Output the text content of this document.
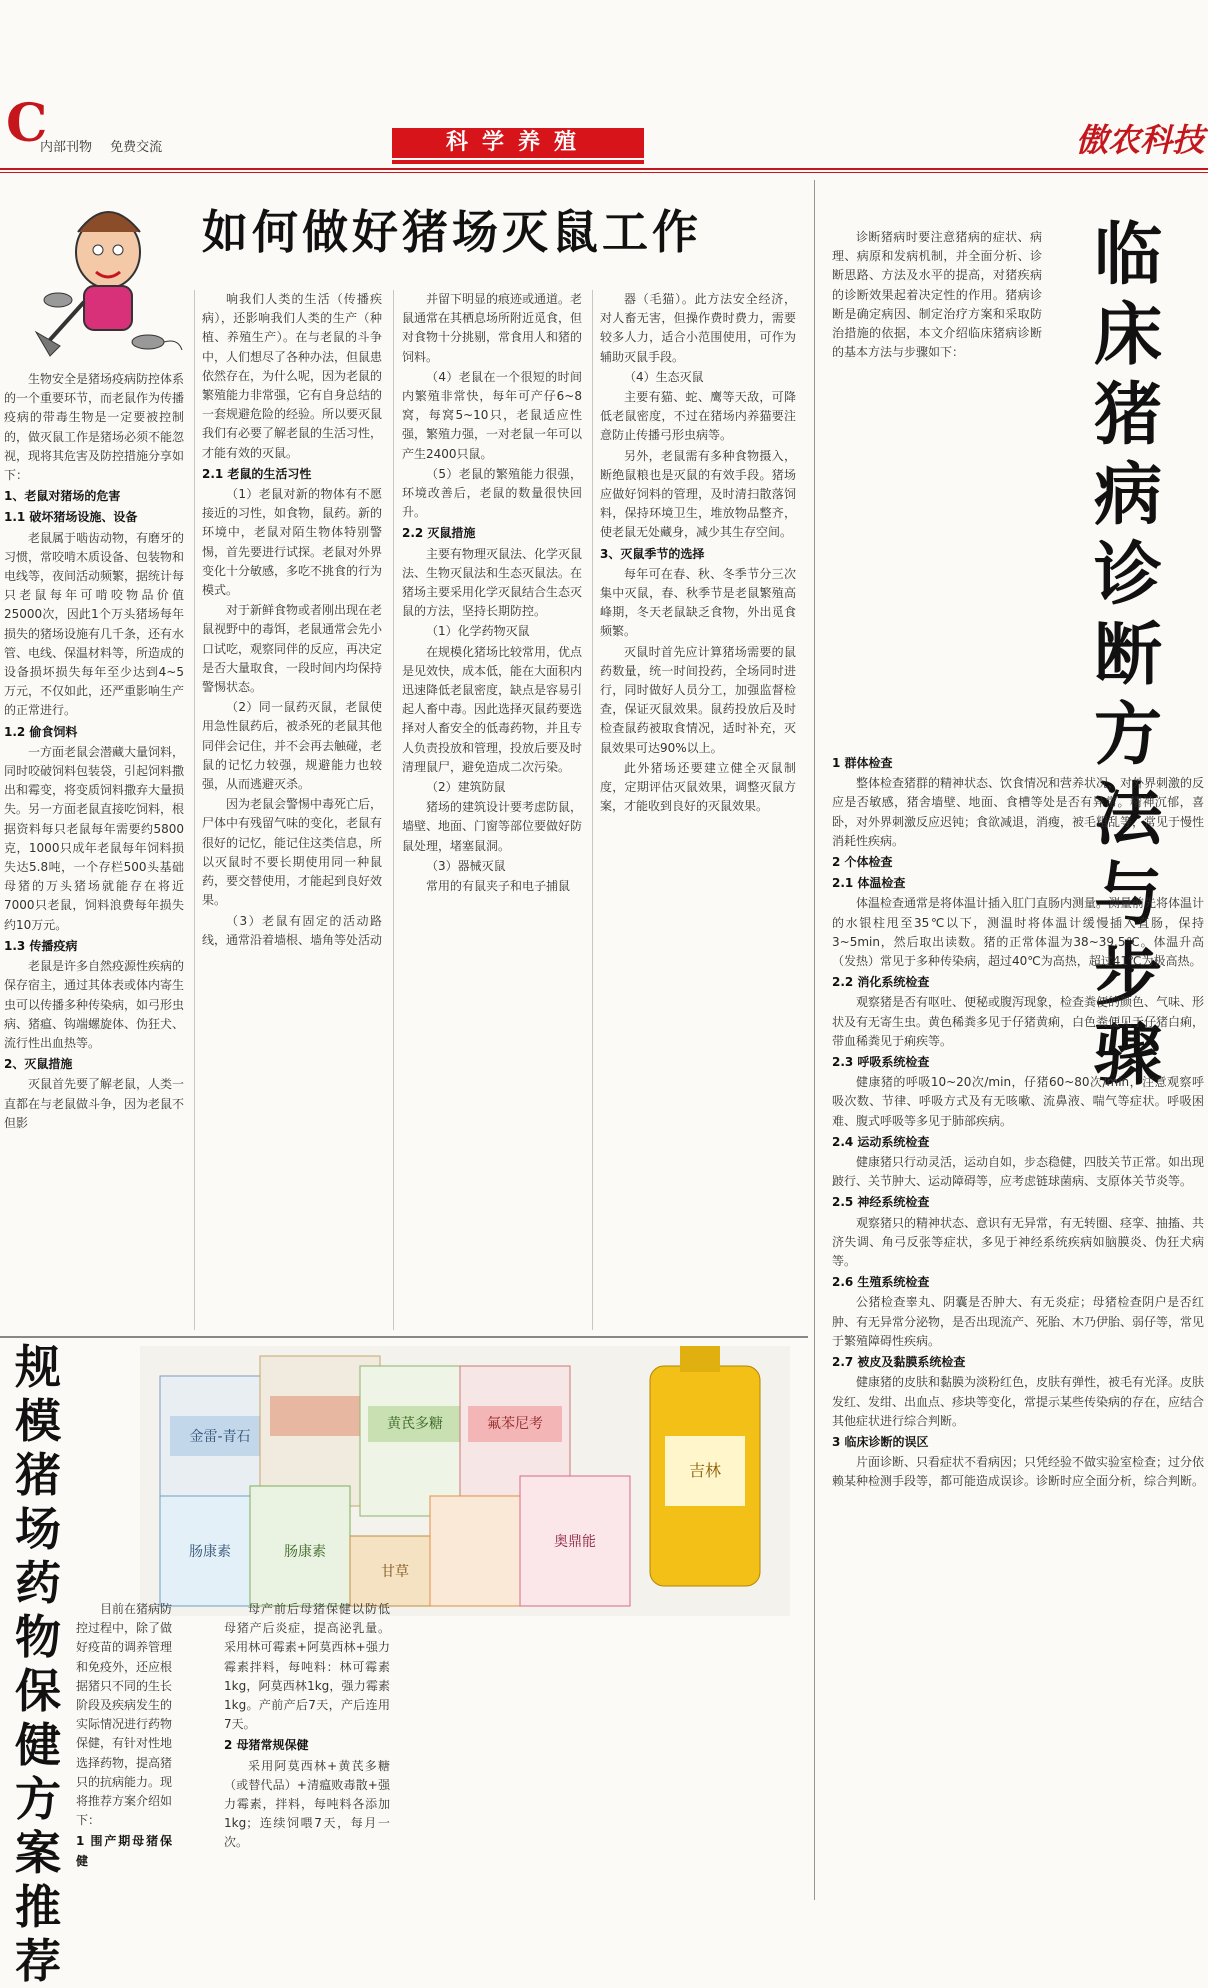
C
内部刊物 免费交流	科学养殖	傲农科技
如何做好猪场灭鼠工作

生物安全是猪场疫病防控体系的一个重要环节，而老鼠作为传播疫病的带毒生物是一定要被控制的，做灭鼠工作是猪场必须不能忽视，现将其危害及防控措施分享如下：

1、老鼠对猪场的危害
1.1 破坏猪场设施、设备

老鼠属于啮齿动物，有磨牙的习惯，常咬啃木质设备、包装物和电线等，夜间活动频繁，据统计每只老鼠每年可啃咬物品价值25000次，因此1个万头猪场每年损失的猪场设施有几千条，还有水管、电线、保温材料等，所造成的设备损坏损失每年至少达到4~5万元，不仅如此，还严重影响生产的正常进行。

1.2 偷食饲料

一方面老鼠会潜藏大量饲料，同时咬破饲料包装袋，引起饲料撒出和霉变，将变质饲料撒弃大量损失。另一方面老鼠直接吃饲料，根据资料每只老鼠每年需要约5800克，1000只成年老鼠每年饲料损失达5.8吨，一个存栏500头基础母猪的万头猪场就能存在将近7000只老鼠，饲料浪费每年损失约10万元。

1.3 传播疫病

老鼠是许多自然疫源性疾病的保存宿主，通过其体表或体内寄生虫可以传播多种传染病，如弓形虫病、猪瘟、钩端螺旋体、伪狂犬、流行性出血热等。

2、灭鼠措施

灭鼠首先要了解老鼠，人类一直都在与老鼠做斗争，因为老鼠不但影

响我们人类的生活（传播疾病），还影响我们人类的生产（种植、养殖生产）。在与老鼠的斗争中，人们想尽了各种办法，但鼠患依然存在，为什么呢，因为老鼠的繁殖能力非常强，它有自身总结的一套规避危险的经验。所以要灭鼠我们有必要了解老鼠的生活习性，才能有效的灭鼠。

2.1 老鼠的生活习性

（1）老鼠对新的物体有不愿接近的习性，如食物，鼠药。新的环境中，老鼠对陌生物体特别警惕，首先要进行试探。老鼠对外界变化十分敏感，多吃不挑食的行为模式。

对于新鲜食物或者刚出现在老鼠视野中的毒饵，老鼠通常会先小口试吃，观察同伴的反应，再决定是否大量取食，一段时间内均保持警惕状态。

（2）同一鼠药灭鼠，老鼠使用急性鼠药后，被杀死的老鼠其他同伴会记住，并不会再去触碰，老鼠的记忆力较强，规避能力也较强，从而逃避灭杀。

因为老鼠会警惕中毒死亡后，尸体中有残留气味的变化，老鼠有很好的记忆，能记住这类信息，所以灭鼠时不要长期使用同一种鼠药，要交替使用，才能起到良好效果。

（3）老鼠有固定的活动路线，通常沿着墙根、墙角等处活动

并留下明显的痕迹或通道。老鼠通常在其栖息场所附近觅食，但对食物十分挑剔，常食用人和猪的饲料。

（4）老鼠在一个很短的时间内繁殖非常快，每年可产仔6~8窝，每窝5~10只，老鼠适应性强，繁殖力强，一对老鼠一年可以产生2400只鼠。

（5）老鼠的繁殖能力很强，环境改善后，老鼠的数量很快回升。

2.2 灭鼠措施

主要有物理灭鼠法、化学灭鼠法、生物灭鼠法和生态灭鼠法。在猪场主要采用化学灭鼠结合生态灭鼠的方法，坚持长期防控。

（1）化学药物灭鼠

在规模化猪场比较常用，优点是见效快，成本低，能在大面积内迅速降低老鼠密度，缺点是容易引起人畜中毒。因此选择灭鼠药要选择对人畜安全的低毒药物，并且专人负责投放和管理，投放后要及时清理鼠尸，避免造成二次污染。

（2）建筑防鼠

猪场的建筑设计要考虑防鼠，墙壁、地面、门窗等部位要做好防鼠处理，堵塞鼠洞。

（3）器械灭鼠

常用的有鼠夹子和电子捕鼠

器（毛猫）。此方法安全经济，对人畜无害，但操作费时费力，需要较多人力，适合小范围使用，可作为辅助灭鼠手段。

（4）生态灭鼠

主要有猫、蛇、鹰等天敌，可降低老鼠密度，不过在猪场内养猫要注意防止传播弓形虫病等。

另外，老鼠需有多种食物摄入，断绝鼠粮也是灭鼠的有效手段。猪场应做好饲料的管理，及时清扫散落饲料，保持环境卫生，堆放物品整齐，使老鼠无处藏身，减少其生存空间。

3、灭鼠季节的选择

每年可在春、秋、冬季节分三次集中灭鼠，春、秋季节是老鼠繁殖高峰期，冬天老鼠缺乏食物，外出觅食频繁。

灭鼠时首先应计算猪场需要的鼠药数量，统一时间投药，全场同时进行，同时做好人员分工，加强监督检查，保证灭鼠效果。鼠药投放后及时检查鼠药被取食情况，适时补充，灭鼠效果可达90%以上。

此外猪场还要建立健全灭鼠制度，定期评估灭鼠效果，调整灭鼠方案，才能收到良好的灭鼠效果。

诊断猪病时要注意猪病的症状、病理、病原和发病机制，并全面分析、诊断思路、方法及水平的提高，对猪疾病的诊断效果起着决定性的作用。猪病诊断是确定病因、制定治疗方案和采取防治措施的依据，本文介绍临床猪病诊断的基本方法与步骤如下：

临
床
猪
病
诊
断
方
法
与
步
骤
1 群体检查

整体检查猪群的精神状态、饮食情况和营养状况，对外界刺激的反应是否敏感，猪舍墙壁、地面、食槽等处是否有异常。精神沉郁，喜卧，对外界刺激反应迟钝；食欲减退，消瘦，被毛粗乱等，常见于慢性消耗性疾病。

2 个体检查
2.1 体温检查

体温检查通常是将体温计插入肛门直肠内测量。测量前先将体温计的水银柱甩至35℃以下，测温时将体温计缓慢插入直肠，保持3~5min，然后取出读数。猪的正常体温为38~39.5℃。体温升高（发热）常见于多种传染病，超过40℃为高热，超过41℃为极高热。

2.2 消化系统检查

观察猪是否有呕吐、便秘或腹泻现象，检查粪便的颜色、气味、形状及有无寄生虫。黄色稀粪多见于仔猪黄痢，白色粪便见于仔猪白痢，带血稀粪见于痢疾等。

2.3 呼吸系统检查

健康猪的呼吸10~20次/min，仔猪60~80次/min，注意观察呼吸次数、节律、呼吸方式及有无咳嗽、流鼻液、喘气等症状。呼吸困难、腹式呼吸等多见于肺部疾病。

2.4 运动系统检查

健康猪只行动灵活，运动自如，步态稳健，四肢关节正常。如出现跛行、关节肿大、运动障碍等，应考虑链球菌病、支原体关节炎等。

2.5 神经系统检查

观察猪只的精神状态、意识有无异常，有无转圈、痉挛、抽搐、共济失调、角弓反张等症状，多见于神经系统疾病如脑膜炎、伪狂犬病等。

2.6 生殖系统检查

公猪检查睾丸、阴囊是否肿大、有无炎症；母猪检查阴户是否红肿、有无异常分泌物，是否出现流产、死胎、木乃伊胎、弱仔等，常见于繁殖障碍性疾病。

2.7 被皮及黏膜系统检查

健康猪的皮肤和黏膜为淡粉红色，皮肤有弹性，被毛有光泽。皮肤发红、发绀、出血点、疹块等变化，常提示某些传染病的存在，应结合其他症状进行综合判断。

3 临床诊断的误区

片面诊断、只看症状不看病因；只凭经验不做实验室检查；过分依赖某种检测手段等，都可能造成误诊。诊断时应全面分析，综合判断。

规
模
猪
场
药
物
保
健
方
案
推
荐
金雷-青石
肠康素
肠康素
氟苯尼考
吉林
奥鼎能
黄芪多糖
甘草

目前在猪病防控过程中，除了做好疫苗的调养管理和免疫外，还应根据猪只不同的生长阶段及疾病发生的实际情况进行药物保健，有针对性地选择药物，提高猪只的抗病能力。现将推荐方案介绍如下：

1 围产期母猪保健

母产前后母猪保健以防低母猪产后炎症，提高泌乳量。采用林可霉素+阿莫西林+强力霉素拌料，每吨料：林可霉素1kg，阿莫西林1kg，强力霉素1kg。产前产后7天，产后连用7天。

2 母猪常规保健

采用阿莫西林+黄芪多糖（或替代品）+清瘟败毒散+强力霉素，拌料，每吨料各添加1kg；连续饲喂7天，每月一次。
